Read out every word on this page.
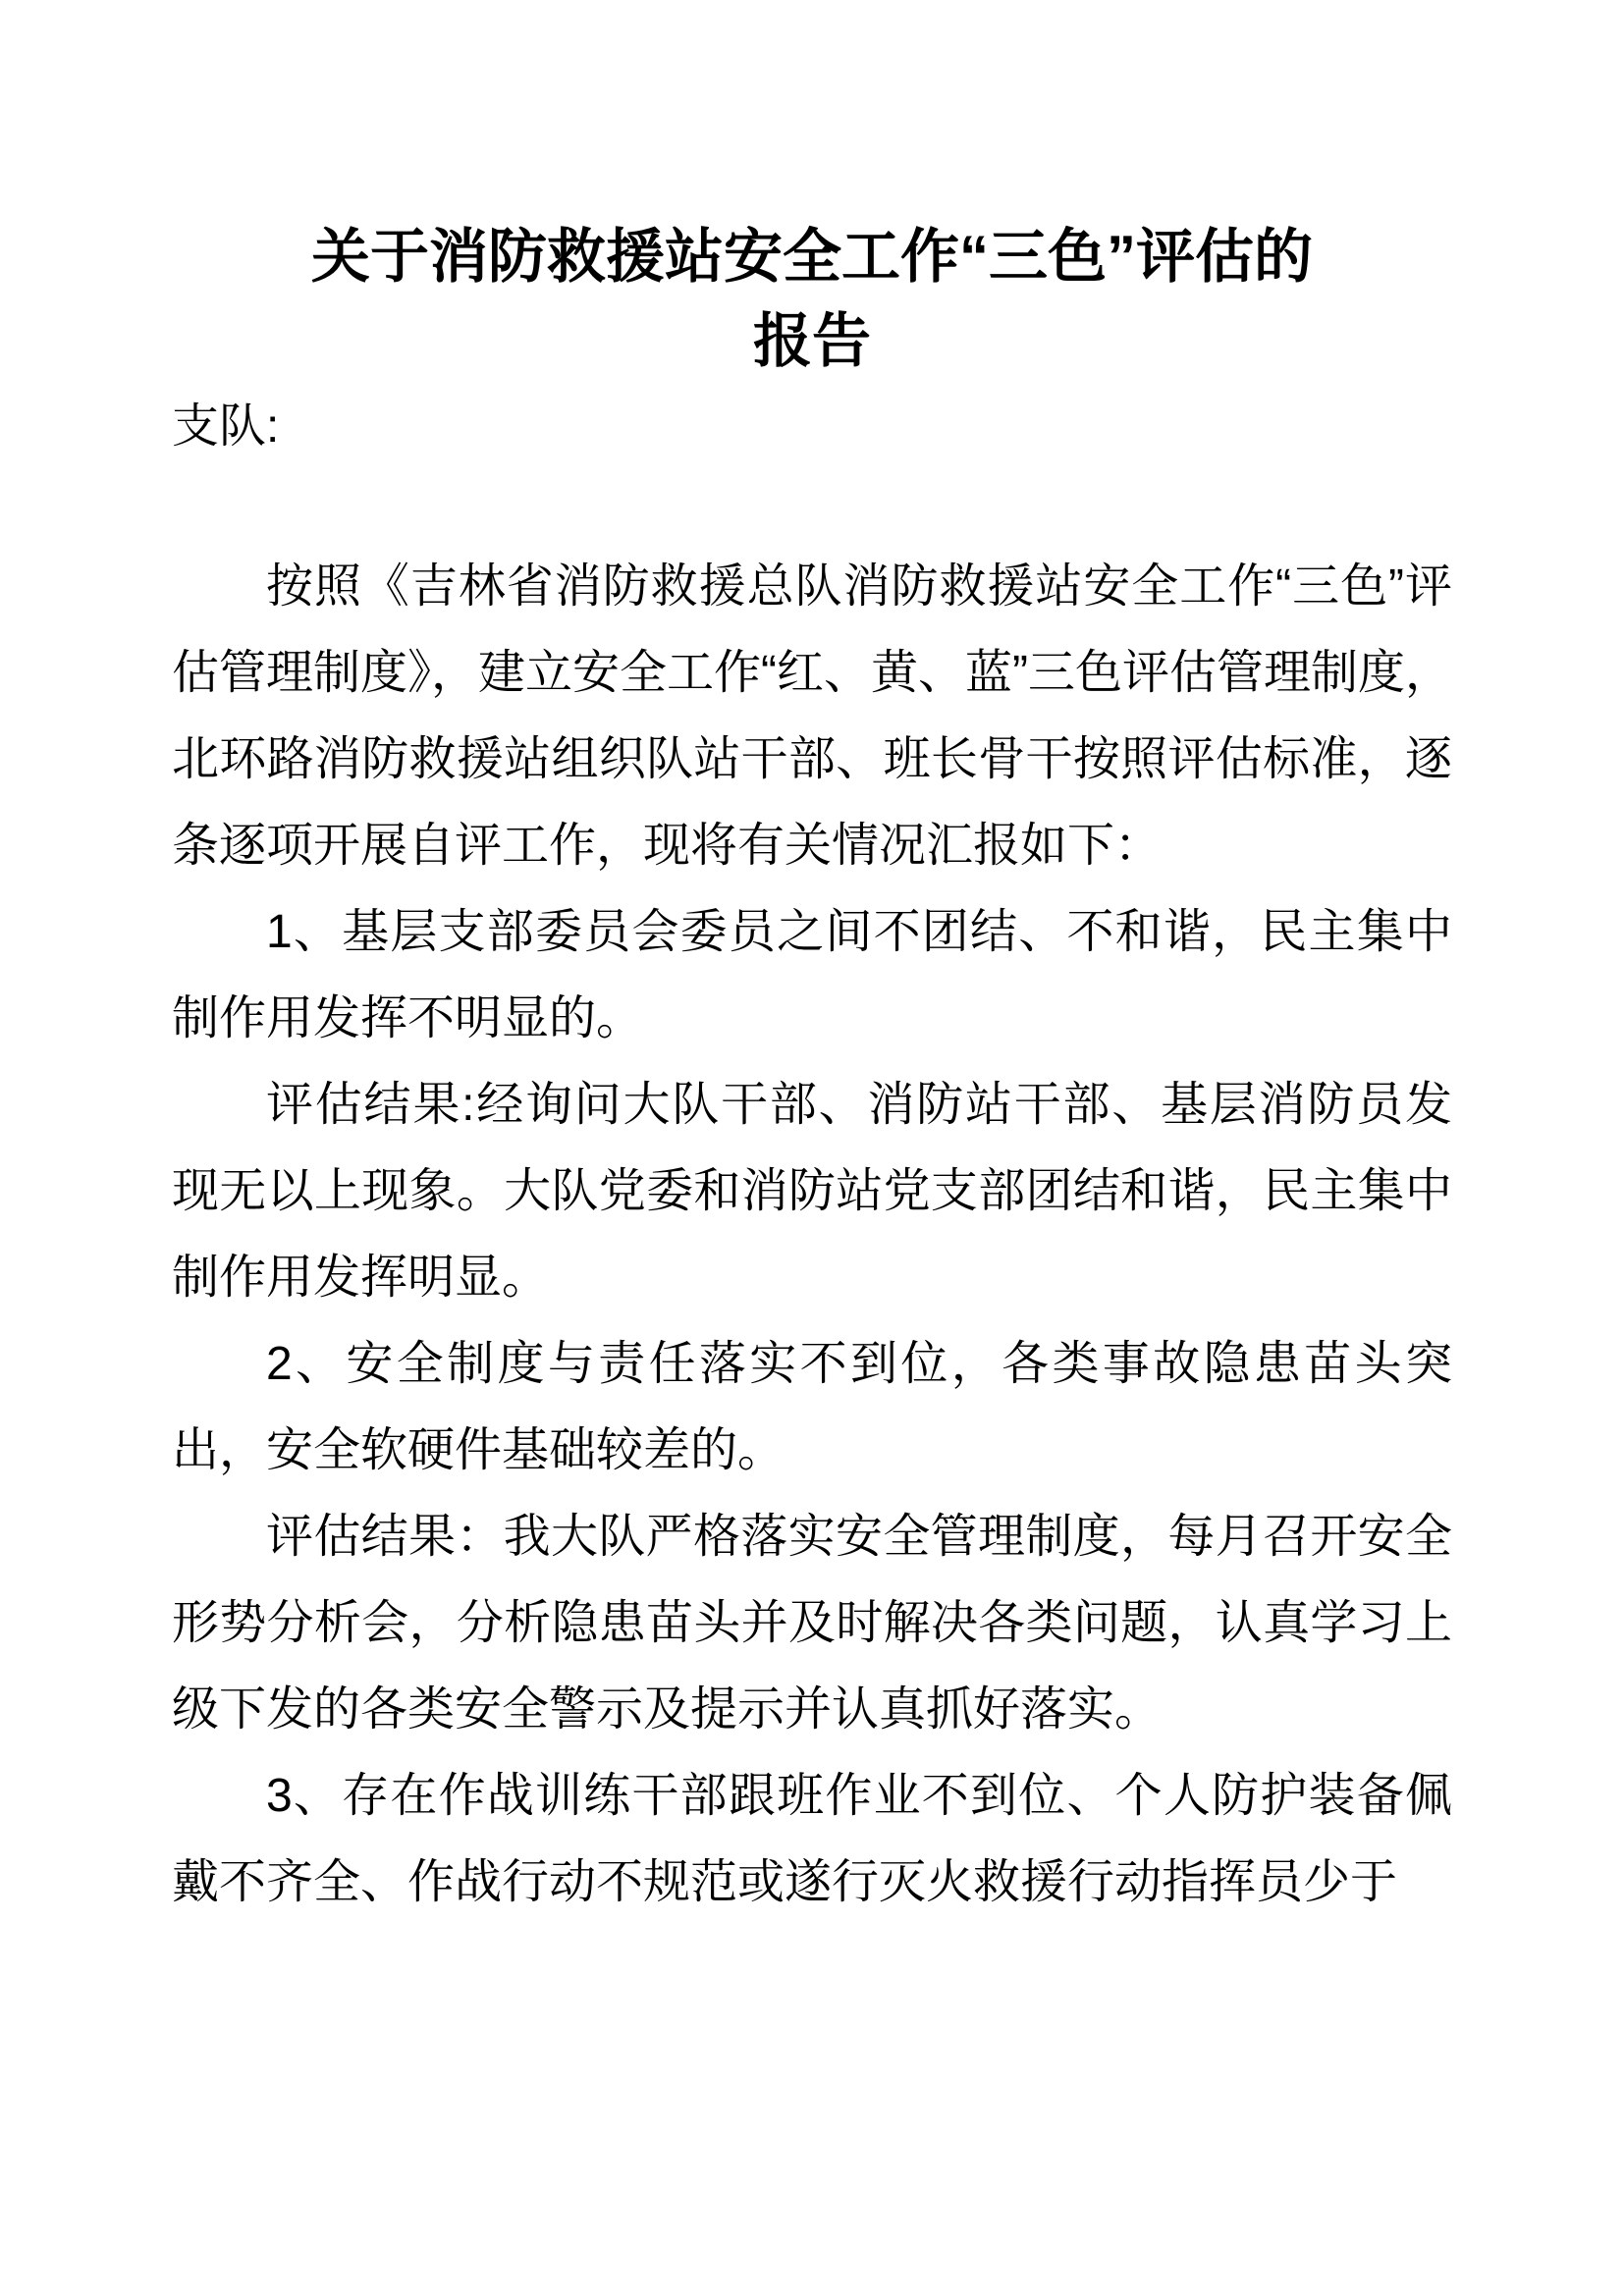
关于消防救援站安全工作“三色”评估的
报告

支队:

按照《吉林省消防救援总队消防救援站安全工作“三色”评估管理制度》，建立安全工作“红、黄、蓝”三色评估管理制度，北环路消防救援站组织队站干部、班长骨干按照评估标准，逐条逐项开展自评工作，现将有关情况汇报如下：

1、基层支部委员会委员之间不团结、不和谐，民主集中制作用发挥不明显的。

评估结果:经询问大队干部、消防站干部、基层消防员发现无以上现象。大队党委和消防站党支部团结和谐，民主集中制作用发挥明显。

2、安全制度与责任落实不到位，各类事故隐患苗头突出，安全软硬件基础较差的。

评估结果：我大队严格落实安全管理制度，每月召开安全形势分析会，分析隐患苗头并及时解决各类问题，认真学习上级下发的各类安全警示及提示并认真抓好落实。

3、存在作战训练干部跟班作业不到位、个人防护装备佩戴不齐全、作战行动不规范或遂行灭火救援行动指挥员少于
